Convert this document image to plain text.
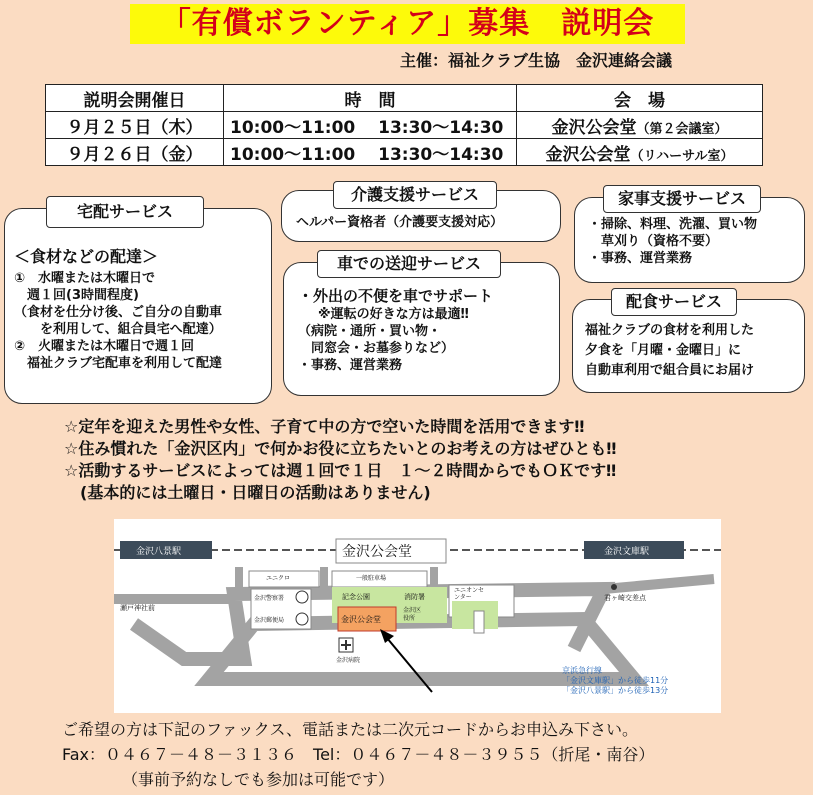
「有償ボランティア」募集　説明会
主催：福祉クラブ生協　金沢連絡会議
説明会開催日	時　間	会　場
９月２５日（木）	10:00～11:00　 13:30～14:30	金沢公会堂（第２会議室）
９月２６日（金）	10:00～11:00　 13:30～14:30	金沢公会堂（リハーサル室）
宅配サービス
＜食材などの配達＞
①　水曜または木曜日で
　週１回(3時間程度)
（食材を仕分け後、ご自分の自動車
　　を利用して、組合員宅へ配達）
②　火曜または木曜日で週１回
　福祉クラブ宅配車を利用して配達
介護支援サービス
ヘルパー資格者（介護要支援対応）
車での送迎サービス
・外出の不便を車でサポート
※運転の好きな方は最適‼
（病院・通所・買い物・
　同窓会・お墓参りなど）
・事務、運営業務
家事支援サービス
・掃除、料理、洗濯、買い物
　草刈り（資格不要）
・事務、運営業務
配食サービス
福祉クラブの食材を利用した
夕食を「月曜・金曜日」に
自動車利用で組合員にお届け
☆定年を迎えた男性や女性、子育て中の方で空いた時間を活用できます‼
☆住み慣れた「金沢区内」で何かお役に立ちたいとのお考えの方はぜひとも‼
☆活動するサービスによっては週１回で１日　１～２時間からでもＯＫです‼
　(基本的には土曜日・日曜日の活動はありません)
金沢八景駅	金沢文庫駅
金沢公会堂
ユニクロ	一般駐車場
瀬戸神社前
金沢警察署
金沢郵便局
記念公園	消防署
金沢区役所
金沢公会堂
ユニオンセンター
金沢病院
君ヶ崎交差点
京浜急行線
「金沢文庫駅」から徒歩11分
「金沢八景駅」から徒歩13分
ご希望の方は下記のファックス、電話または二次元コードからお申込み下さい。
Fax：０４６７－４８－３１３６　Tel：０４６７－４８－３９５５（折尾・南谷）
（事前予約なしでも参加は可能です）
